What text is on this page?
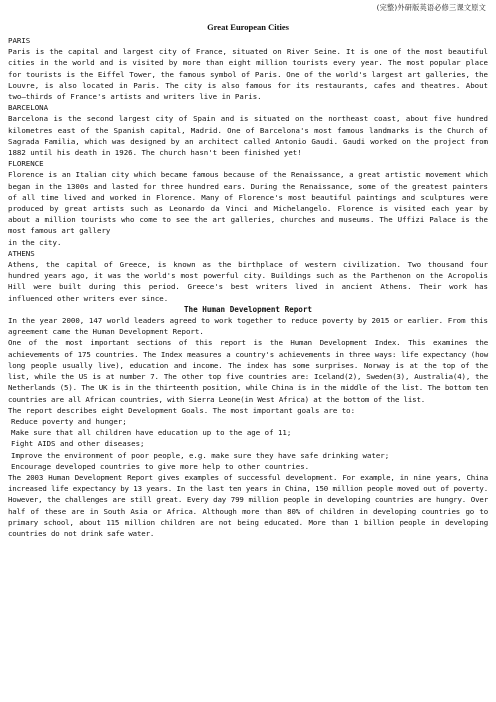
(完整)外研版英语必修三课文原文
Great European Cities

PARIS

Paris is the capital and largest city of France, situated on River Seine. It is one of the most beautiful cities in the world and is visited by more than eight million tourists every year. The most popular place for tourists is the Eiffel Tower, the famous symbol of Paris. One of the world's largest art galleries, the Louvre, is also located in Paris. The city is also famous for its restaurants, cafes and theatres. About two—thirds of France's artists and writers live in Paris.

BARCELONA

Barcelona is the second largest city of Spain and is situated on the northeast coast, about five hundred kilometres east of the Spanish capital, Madrid. One of Barcelona's most famous landmarks is the Church of Sagrada Familia, which was designed by an architect called Antonio Gaudi. Gaudi worked on the project from 1882 until his death in 1926. The church hasn't been finished yet!

FLORENCE

Florence is an Italian city which became famous because of the Renaissance, a great artistic movement which began in the 1300s and lasted for three hundred ears. During the Renaissance, some of the greatest painters of all time lived and worked in Florence. Many of Florence's most beautiful paintings and sculptures were produced by great artists such as Leonardo da Vinci and Michelangelo. Florence is visited each year by about a million tourists who come to see the art galleries, churches and museums. The Uffizi Palace is the most famous art gallery

in the city.

ATHENS

Athens, the capital of Greece, is known as the birthplace of western civilization. Two thousand four hundred years ago, it was the world's most powerful city. Buildings such as the Parthenon on the Acropolis Hill were built during this period. Greece's best writers lived in ancient Athens. Their work has influenced other writers ever since.

The Human Development Report

In the year 2000, 147 world leaders agreed to work together to reduce poverty by 2015 or earlier. From this agreement came the Human Development Report.

One of the most important sections of this report is the Human Development Index. This examines the achievements of 175 countries. The Index measures a country's achievements in three ways: life expectancy (how long people usually live), education and income. The index has some surprises. Norway is at the top of the list, while the US is at number 7. The other top five countries are: Iceland(2), Sweden(3), Australia(4), the Netherlands (5). The UK is in the thirteenth position, while China is in the middle of the list. The bottom ten countries are all African countries, with Sierra Leone(in West Africa) at the bottom of the list.

The report describes eight Development Goals. The most important goals are to:

Reduce poverty and hunger;
Make sure that all children have education up to the age of 11;
Fight AIDS and other diseases;
Improve the environment of poor people, e.g. make sure they have safe drinking water;
Encourage developed countries to give more help to other countries.

The 2003 Human Development Report gives examples of successful development. For example, in nine years, China increased life expectancy by 13 years. In the last ten years in China, 150 million people moved out of poverty. However, the challenges are still great. Every day 799 million people in developing countries are hungry. Over half of these are in South Asia or Africa. Although more than 80% of children in developing countries go to primary school, about 115 million children are not being educated. More than 1 billion people in developing countries do not drink safe water.
